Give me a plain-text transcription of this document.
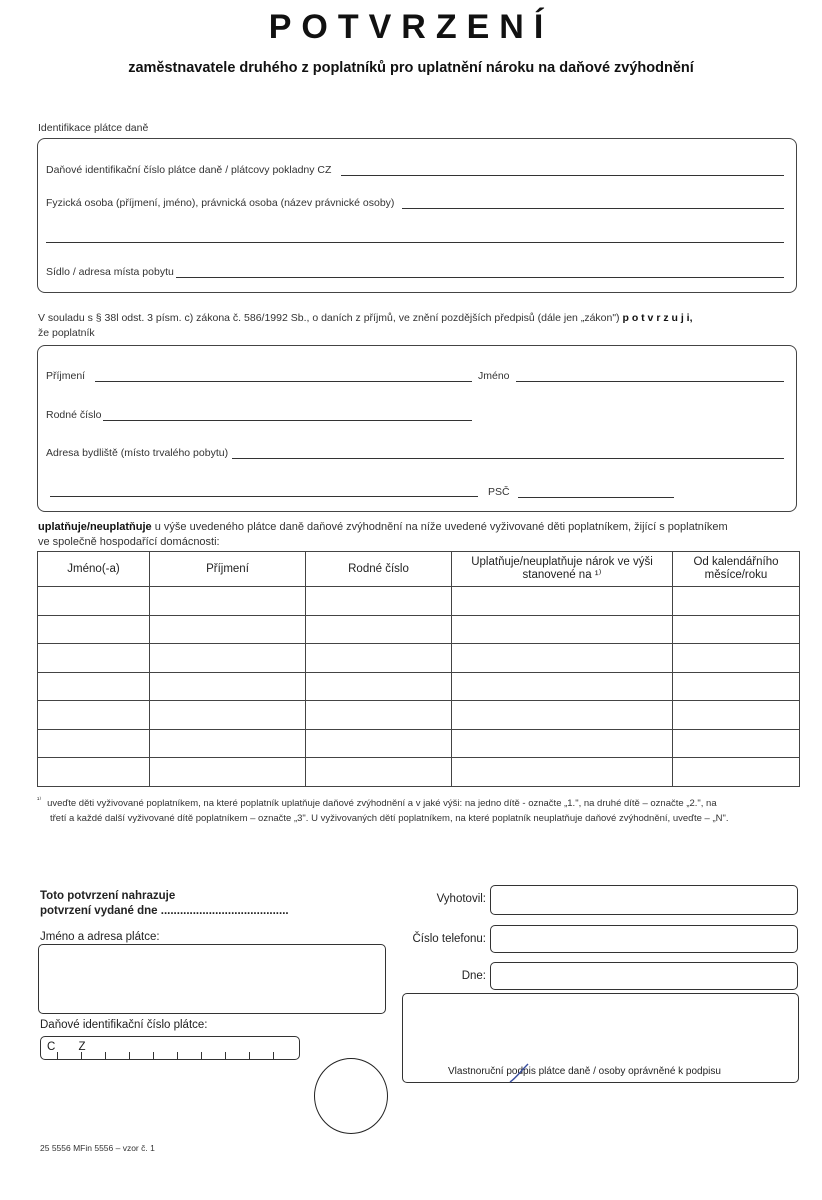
POTVRZENÍ
zaměstnavatele druhého z poplatníků pro uplatnění nároku na daňové zvýhodnění
Identifikace plátce daně
Daňové identifikační číslo plátce daně / plátcovy pokladny CZ
Fyzická osoba (příjmení, jméno), právnická osoba (název právnické osoby)
Sídlo / adresa místa pobytu
V souladu s § 38l odst. 3 písm. c) zákona č. 586/1992 Sb., o daních z příjmů, ve znění pozdějších předpisů (dále jen „zákon") p o t v r z u j i,
že poplatník
Příjmení	Jméno
Rodné číslo
Adresa bydliště (místo trvalého pobytu)
PSČ
uplatňuje/neuplatňuje u výše uvedeného plátce daně daňové zvýhodnění na níže uvedené vyživované děti poplatníkem, žijící s poplatníkem
ve společně hospodařící domácnosti:
Jméno(-a)	Příjmení	Rodné číslo	Uplatňuje/neuplatňuje nárok ve výši stanovené na ¹⁾	Od kalendářního měsíce/roku

$^{^{1)}}$ uveďte děti vyživované poplatníkem, na které poplatník uplatňuje daňové zvýhodnění a v jaké výši: na jedno dítě - označte „1.", na druhé dítě – označte „2.", na
třetí a každé další vyživované dítě poplatníkem – označte „3". U vyživovaných dětí poplatníkem, na které poplatník neuplatňuje daňové zvýhodnění, uveďte – „N".
Toto potvrzení nahrazuje
potvrzení vydané dne ........................................
Jméno a adresa plátce:
Daňové identifikační číslo plátce:
C Z
Vyhotovil:
Číslo telefonu:
Dne:
Vlastnoruční podpis plátce daně / osoby oprávněné k podpisu
25 5556 MFin 5556 – vzor č. 1
